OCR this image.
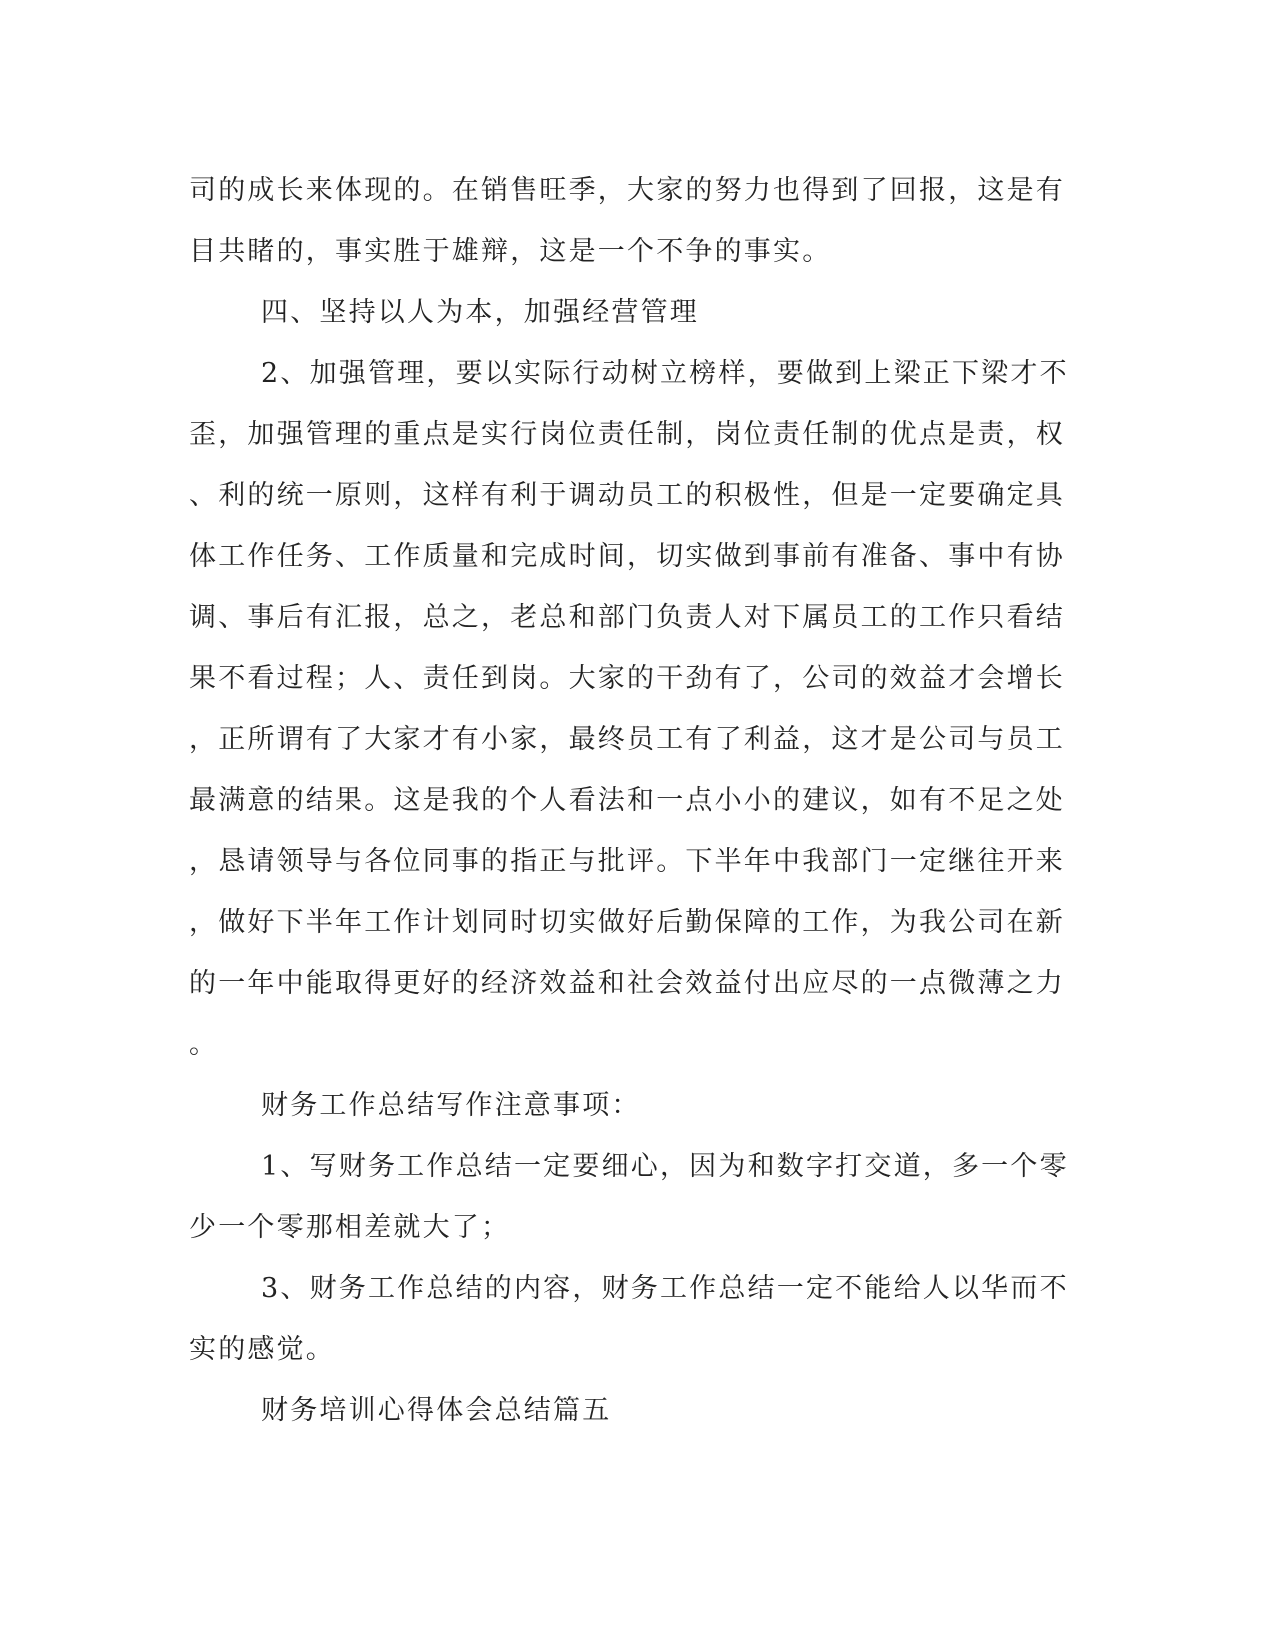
司的成长来体现的。在销售旺季，大家的努力也得到了回报，这是有
目共睹的，事实胜于雄辩，这是一个不争的事实。
四、坚持以人为本，加强经营管理
2、加强管理，要以实际行动树立榜样，要做到上梁正下梁才不
歪，加强管理的重点是实行岗位责任制，岗位责任制的优点是责，权
、利的统一原则，这样有利于调动员工的积极性，但是一定要确定具
体工作任务、工作质量和完成时间，切实做到事前有准备、事中有协
调、事后有汇报，总之，老总和部门负责人对下属员工的工作只看结
果不看过程；人、责任到岗。大家的干劲有了，公司的效益才会增长
，正所谓有了大家才有小家，最终员工有了利益，这才是公司与员工
最满意的结果。这是我的个人看法和一点小小的建议，如有不足之处
，恳请领导与各位同事的指正与批评。下半年中我部门一定继往开来
，做好下半年工作计划同时切实做好后勤保障的工作，为我公司在新
的一年中能取得更好的经济效益和社会效益付出应尽的一点微薄之力
。
财务工作总结写作注意事项：
1、写财务工作总结一定要细心，因为和数字打交道，多一个零
少一个零那相差就大了；
3、财务工作总结的内容，财务工作总结一定不能给人以华而不
实的感觉。
财务培训心得体会总结篇五
